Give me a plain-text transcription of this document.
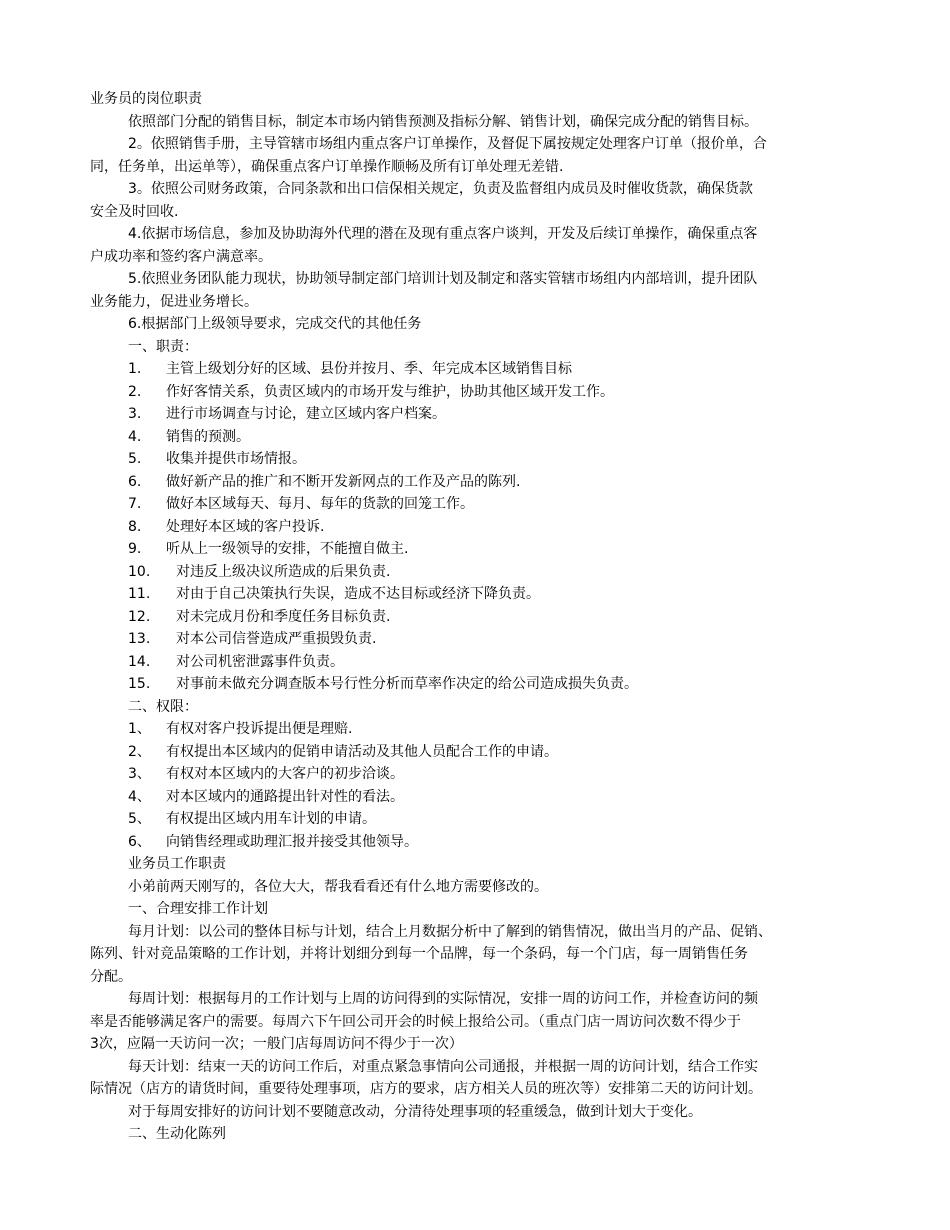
业务员的岗位职责

依照部门分配的销售目标，制定本市场内销售预测及指标分解、销售计划，确保完成分配的销售目标。

2。依照销售手册，主导管辖市场组内重点客户订单操作，及督促下属按规定处理客户订单（报价单，合

同，任务单，出运单等），确保重点客户订单操作顺畅及所有订单处理无差错.

3。依照公司财务政策，合同条款和出口信保相关规定，负责及监督组内成员及时催收货款，确保货款

安全及时回收.

4.依据市场信息，参加及协助海外代理的潜在及现有重点客户谈判，开发及后续订单操作，确保重点客

户成功率和签约客户满意率。

5.依照业务团队能力现状，协助领导制定部门培训计划及制定和落实管辖市场组内内部培训，提升团队

业务能力，促进业务增长。

6.根据部门上级领导要求，完成交代的其他任务

一、职责：

1. 主管上级划分好的区域、县份并按月、季、年完成本区域销售目标

2. 作好客情关系，负责区域内的市场开发与维护，协助其他区域开发工作。

3. 进行市场调查与讨论，建立区域内客户档案。

4. 销售的预测。

5. 收集并提供市场情报。

6. 做好新产品的推广和不断开发新网点的工作及产品的陈列.

7. 做好本区域每天、每月、每年的货款的回笼工作。

8. 处理好本区域的客户投诉.

9. 听从上一级领导的安排，不能擅自做主.

10. 对违反上级决议所造成的后果负责.

11. 对由于自己决策执行失误，造成不达目标或经济下降负责。

12. 对未完成月份和季度任务目标负责.

13. 对本公司信誉造成严重损毁负责.

14. 对公司机密泄露事件负责。

15. 对事前未做充分调查版本号行性分析而草率作决定的给公司造成损失负责。

二、权限：

1、 有权对客户投诉提出便是理赔.

2、 有权提出本区域内的促销申请活动及其他人员配合工作的申请。

3、 有权对本区域内的大客户的初步洽谈。

4、 对本区域内的通路提出针对性的看法。

5、 有权提出区域内用车计划的申请。

6、 向销售经理或助理汇报并接受其他领导。

业务员工作职责

小弟前两天刚写的，各位大大，帮我看看还有什么地方需要修改的。

一、合理安排工作计划

每月计划：以公司的整体目标与计划，结合上月数据分析中了解到的销售情况，做出当月的产品、促销、

陈列、针对竞品策略的工作计划，并将计划细分到每一个品牌，每一个条码，每一个门店，每一周销售任务

分配。

每周计划：根据每月的工作计划与上周的访问得到的实际情况，安排一周的访问工作，并检查访问的频

率是否能够满足客户的需要。每周六下午回公司开会的时候上报给公司。（重点门店一周访问次数不得少于

3次，应隔一天访问一次；一般门店每周访问不得少于一次）

每天计划：结束一天的访问工作后，对重点紧急事情向公司通报，并根据一周的访问计划，结合工作实

际情况（店方的请货时间，重要待处理事项，店方的要求，店方相关人员的班次等）安排第二天的访问计划。

对于每周安排好的访问计划不要随意改动，分清待处理事项的轻重缓急，做到计划大于变化。

二、生动化陈列
